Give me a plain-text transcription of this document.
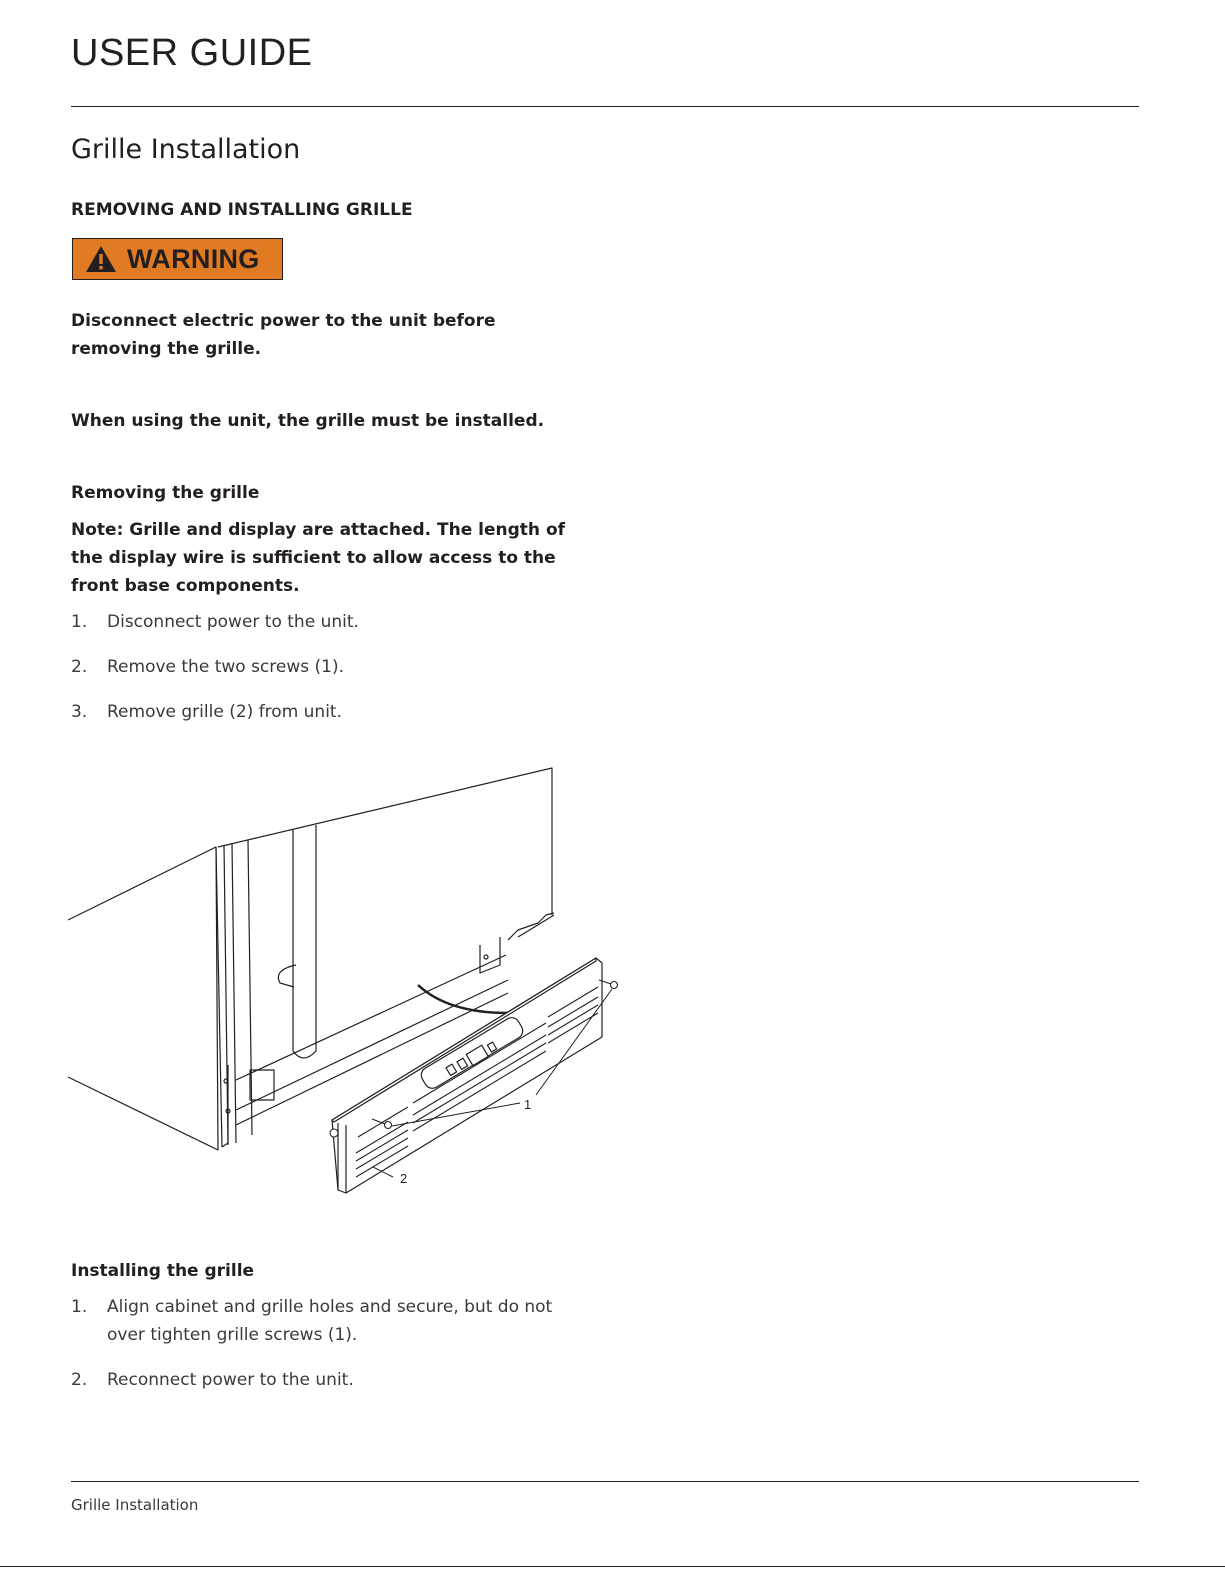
USER GUIDE
Grille Installation
REMOVING AND INSTALLING GRILLE
WARNING
Disconnect electric power to the unit before removing the grille.
When using the unit, the grille must be installed.
Removing the grille
Note: Grille and display are attached. The length of the display wire is sufficient to allow access to the front base components.
1. Disconnect power to the unit.
2. Remove the two screws (1).
3. Remove grille (2) from unit.
1
2
Installing the grille
1. Align cabinet and grille holes and secure, but do not over tighten grille screws (1).
2. Reconnect power to the unit.
Grille Installation
